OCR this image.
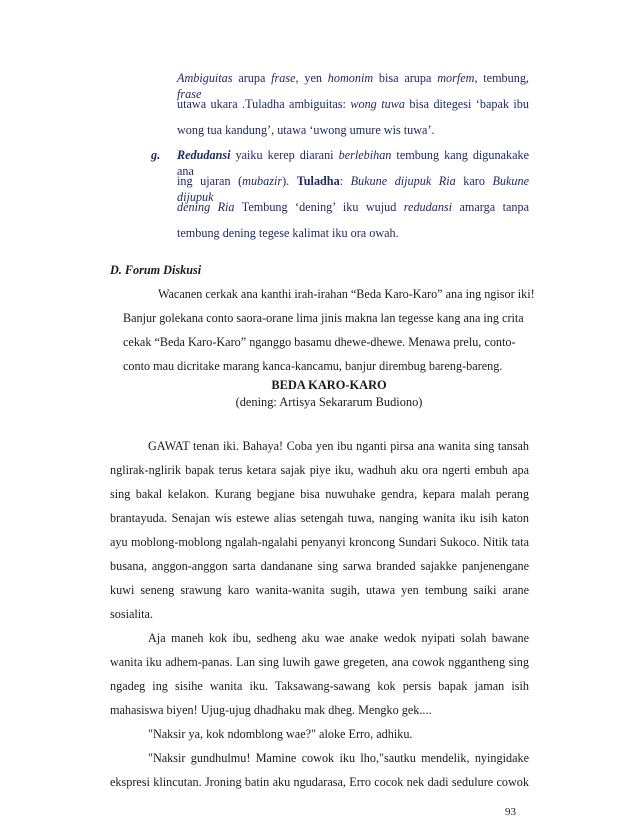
Ambiguitas arupa frase, yen homonim bisa arupa morfem, tembung, frase
utawa ukara .Tuladha ambiguitas: wong tuwa bisa ditegesi ‘bapak ibu
wong tua kandung’, utawa ‘uwong umure wis tuwa’.
g. Redudansi yaiku kerep diarani berlebihan tembung kang digunakake ana
ing ujaran (mubazir). Tuladha: Bukune dijupuk Ria karo Bukune dijupuk
dening Ria Tembung ‘dening’ iku wujud redudansi amarga tanpa
tembung dening tegese kalimat iku ora owah.
D. Forum Diskusi
Wacanen cerkak ana kanthi irah-irahan “Beda Karo-Karo” ana ing ngisor iki!
Banjur golekana conto saora-orane lima jinis makna lan tegesse kang ana ing crita
cekak “Beda Karo-Karo” nganggo basamu dhewe-dhewe. Menawa prelu, conto-
conto mau dicritake marang kanca-kancamu, banjur dirembug bareng-bareng.
BEDA KARO-KARO
(dening: Artisya Sekararum Budiono)
GAWAT tenan iki. Bahaya! Coba yen ibu nganti pirsa ana wanita sing tansah
nglirak-nglirik bapak terus ketara sajak piye iku, wadhuh aku ora ngerti embuh apa
sing bakal kelakon. Kurang begjane bisa nuwuhake gendra, kepara malah perang
brantayuda. Senajan wis estewe alias setengah tuwa, nanging wanita iku isih katon
ayu moblong-moblong ngalah-ngalahi penyanyi kroncong Sundari Sukoco. Nitik tata
busana, anggon-anggon sarta dandanane sing sarwa branded sajakke panjenengane
kuwi seneng srawung karo wanita-wanita sugih, utawa yen tembung saiki arane
sosialita.
Aja maneh kok ibu, sedheng aku wae anake wedok nyipati solah bawane
wanita iku adhem-panas. Lan sing luwih gawe gregeten, ana cowok nggantheng sing
ngadeg ing sisihe wanita iku. Taksawang-sawang kok persis bapak jaman isih
mahasiswa biyen! Ujug-ujug dhadhaku mak dheg. Mengko gek....
"Naksir ya, kok ndomblong wae?" aloke Erro, adhiku.
"Naksir gundhulmu! Mamine cowok iku lho,"sautku mendelik, nyingidake
93
ekspresi klincutan. Jroning batin aku ngudarasa, Erro cocok nek dadi sedulure cowok
